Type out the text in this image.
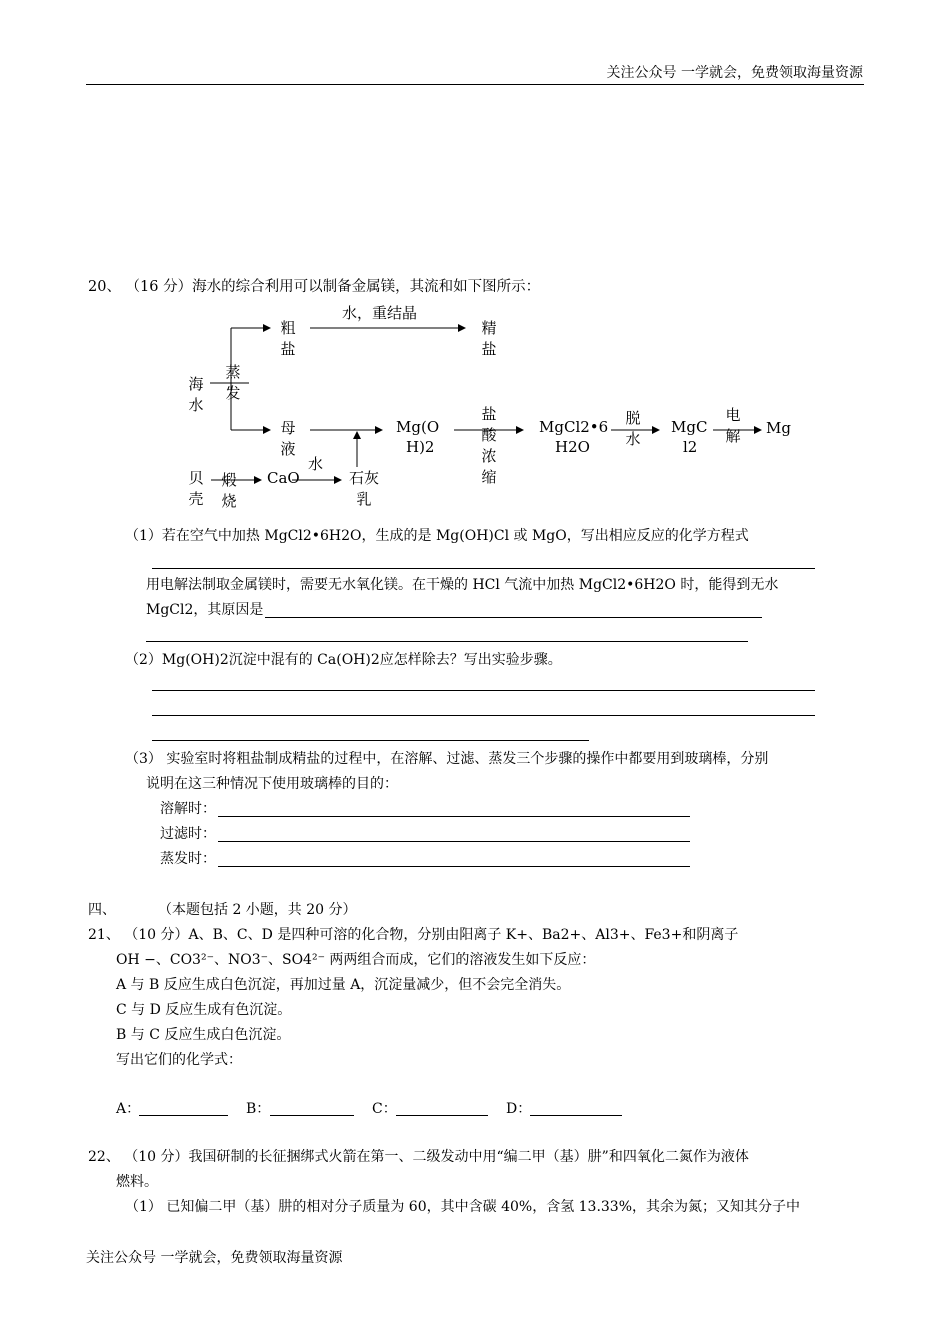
关注公众号 一学就会，免费领取海量资源
20、 （16 分）海水的综合利用可以制备金属镁，其流和如下图所示：
海水
蒸发
粗盐
水，重结晶
精盐
母液
Mg(O
H)2
盐酸浓缩
MgCl2•6
H2O
脱水
MgC
l2
电解 Mg
贝壳
煅烧
CaO
水
石灰乳
（1）若在空气中加热 MgCl2•6H2O，生成的是 Mg(OH)Cl 或 MgO，写出相应反应的化学方程式
用电解法制取金属镁时，需要无水氧化镁。在干燥的 HCl 气流中加热 MgCl2•6H2O 时，能得到无水
MgCl2，其原因是
（2）Mg(OH)2沉淀中混有的 Ca(OH)2应怎样除去？写出实验步骤。
（3） 实验室时将粗盐制成精盐的过程中，在溶解、过滤、蒸发三个步骤的操作中都要用到玻璃棒，分别
说明在这三种情况下使用玻璃棒的目的：
溶解时：
过滤时：
蒸发时：
四、	（本题包括 2 小题，共 20 分）
21、 （10 分）A、B、C、D 是四种可溶的化合物，分别由阳离子 K+、Ba2+、Al3+、Fe3+和阴离子
OH −、CO3²⁻、NO3⁻、SO4²⁻ 两两组合而成，它们的溶液发生如下反应：
A 与 B 反应生成白色沉淀，再加过量 A，沉淀量减少，但不会完全消失。
C 与 D 反应生成有色沉淀。
B 与 C 反应生成白色沉淀。
写出它们的化学式：
A：	B：	C：	D：
22、 （10 分）我国研制的长征捆绑式火箭在第一、二级发动中用“编二甲（基）肼”和四氧化二氮作为液体
燃料。
（1） 已知偏二甲（基）肼的相对分子质量为 60，其中含碳 40%，含氢 13.33%，其余为氮；又知其分子中
关注公众号 一学就会，免费领取海量资源
